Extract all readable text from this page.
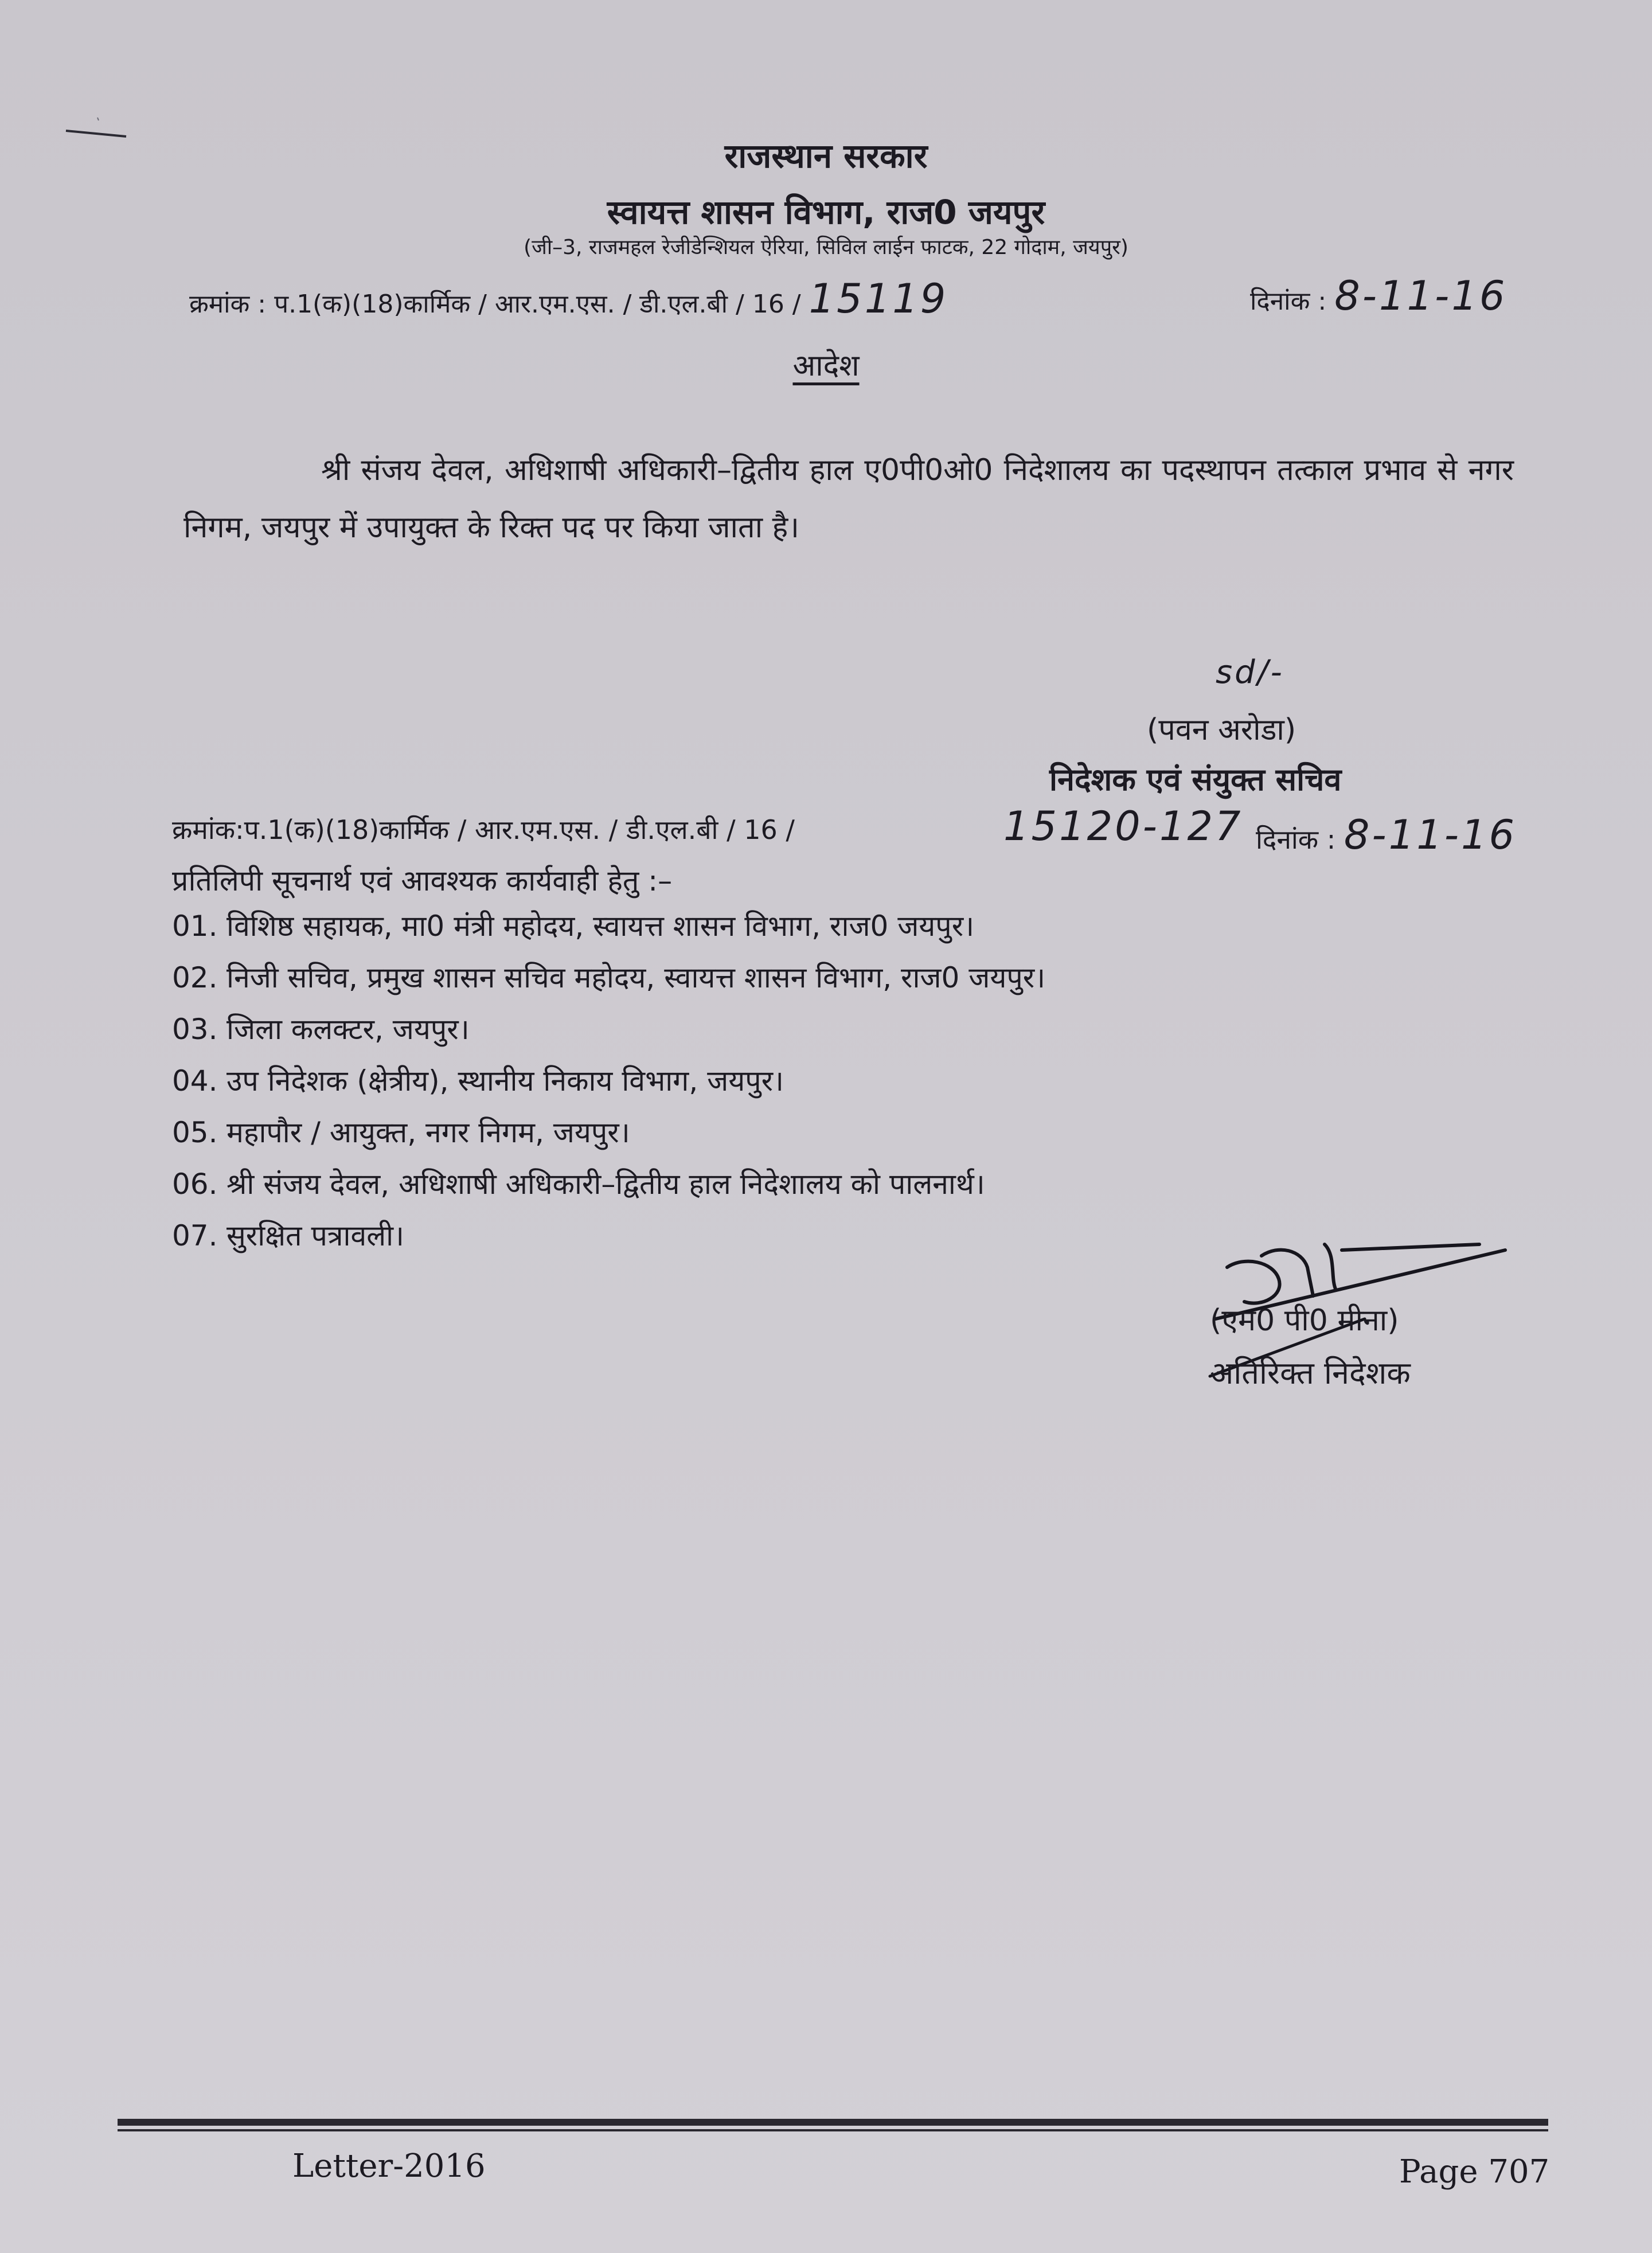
राजस्थान सरकार
स्वायत्त शासन विभाग, राज0 जयपुर
(जी–3, राजमहल रेजीडेन्शियल ऐरिया, सिविल लाईन फाटक, 22 गोदाम, जयपुर)
क्रमांक : प.1(क)(18)कार्मिक / आर.एम.एस. / डी.एल.बी / 16 / 15119	दिनांक : 8-11-16
आदेश
श्री संजय देवल, अधिशाषी अधिकारी–द्वितीय हाल ए0पी0ओ0 निदेशालय का पदस्थापन तत्काल प्रभाव से नगर निगम, जयपुर में उपायुक्त के रिक्त पद पर किया जाता है।
sd/-
(पवन अरोडा)
निदेशक एवं संयुक्त सचिव
क्रमांक:प.1(क)(18)कार्मिक / आर.एम.एस. / डी.एल.बी / 16 /	15120-127 दिनांक : 8-11-16
प्रतिलिपी सूचनार्थ एवं आवश्यक कार्यवाही हेतु :–
01. विशिष्ठ सहायक, मा0 मंत्री महोदय, स्वायत्त शासन विभाग, राज0 जयपुर।
02. निजी सचिव, प्रमुख शासन सचिव महोदय, स्वायत्त शासन विभाग, राज0 जयपुर।
03. जिला कलक्टर, जयपुर।
04. उप निदेशक (क्षेत्रीय), स्थानीय निकाय विभाग, जयपुर।
05. महापौर / आयुक्त, नगर निगम, जयपुर।
06. श्री संजय देवल, अधिशाषी अधिकारी–द्वितीय हाल निदेशालय को पालनार्थ।
07. सुरक्षित पत्रावली।
(एम0 पी0 मीना)
अतिरिक्त निदेशक
Letter-2016	Page 707
